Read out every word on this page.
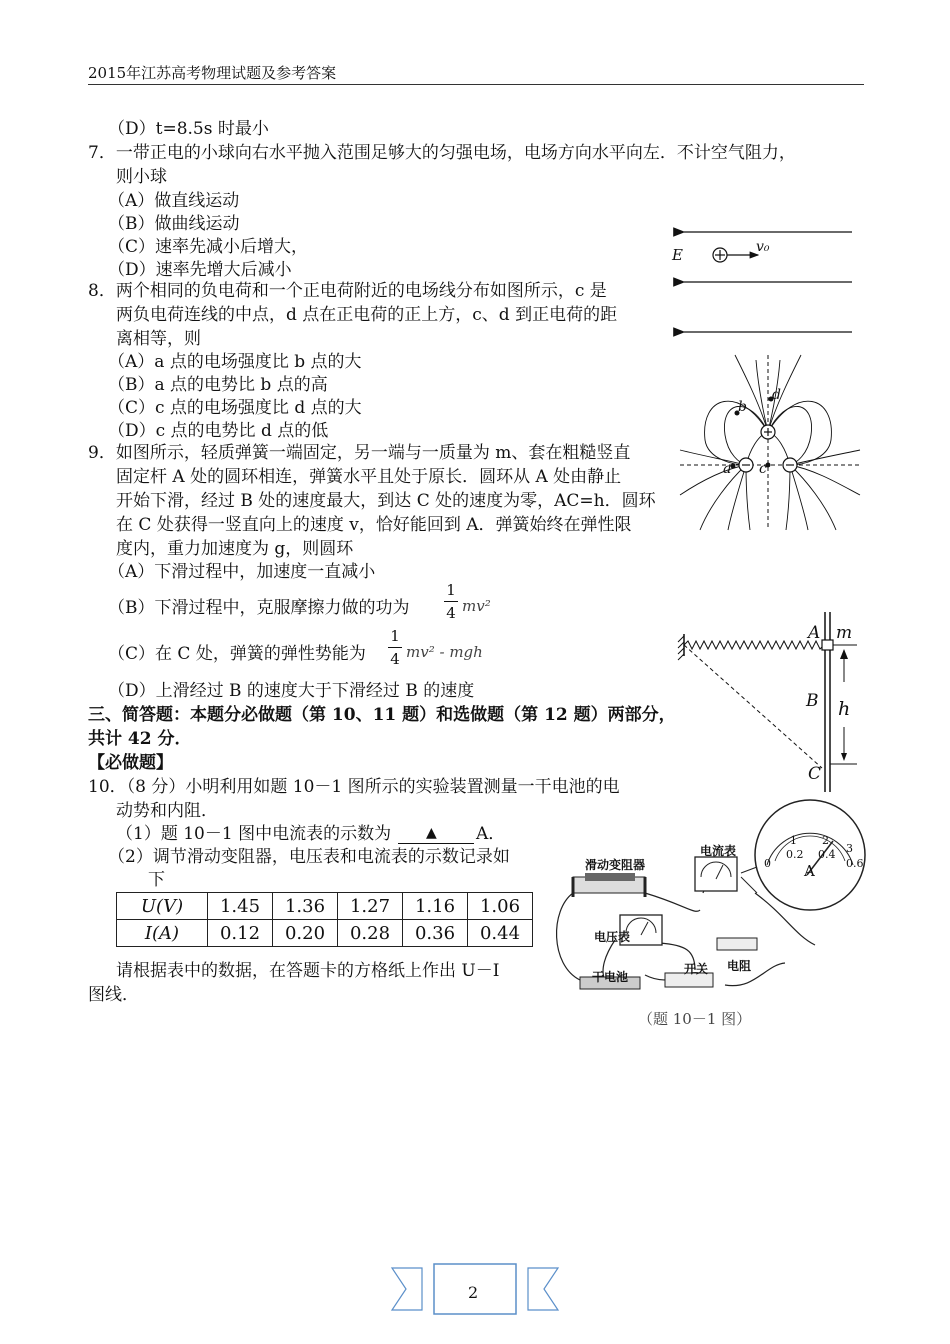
2015年江苏高考物理试题及参考答案
（D）t=8.5s 时最小
7．一带正电的小球向右水平抛入范围足够大的匀强电场，电场方向水平向左．不计空气阻力，
则小球
（A）做直线运动
（B）做曲线运动
（C）速率先减小后增大，
（D）速率先增大后减小
E	v₀
8．两个相同的负电荷和一个正电荷附近的电场线分布如图所示，c 是
两负电荷连线的中点，d 点在正电荷的正上方，c、d 到正电荷的距
离相等，则
（A）a 点的电场强度比 b 点的大
（B）a 点的电势比 b 点的高
（C）c 点的电场强度比 d 点的大
（D）c 点的电势比 d 点的低
b
d
a c
9．如图所示，轻质弹簧一端固定，另一端与一质量为 m、套在粗糙竖直
固定杆 A 处的圆环相连，弹簧水平且处于原长．圆环从 A 处由静止
开始下滑，经过 B 处的速度最大，到达 C 处的速度为零，AC=h．圆环
在 C 处获得一竖直向上的速度 v，恰好能回到 A．弹簧始终在弹性限
度内，重力加速度为 g，则圆环
（A）下滑过程中，加速度一直减小
（B）下滑过程中，克服摩擦力做的功为
1
4 mv²
（C）在 C 处，弹簧的弹性势能为
1
4 mv² - mgh
（D）上滑经过 B 的速度大于下滑经过 B 的速度
A m
B h
C
三、简答题：本题分必做题（第 10、11 题）和选做题（第 12 题）两部分，
共计 42 分．
【必做题】
10．（8 分）小明利用如题 10－1 图所示的实验装置测量一干电池的电
动势和内阻．
（1）题 10－1 图中电流表的示数为 ▲ A．
（2）调节滑动变阻器，电压表和电流表的示数记录如
下
U(V)	1.45	1.36	1.27	1.16	1.06
I(A)	0.12	0.20	0.28	0.36	0.44
请根据表中的数据，在答题卡的方格纸上作出 U－I
图线．
滑动变阻器
电流表
电压表
干电池
开关 电阻
0
0.2 0.4
0.6
1 2
3
A
（题 10－1 图）
2
